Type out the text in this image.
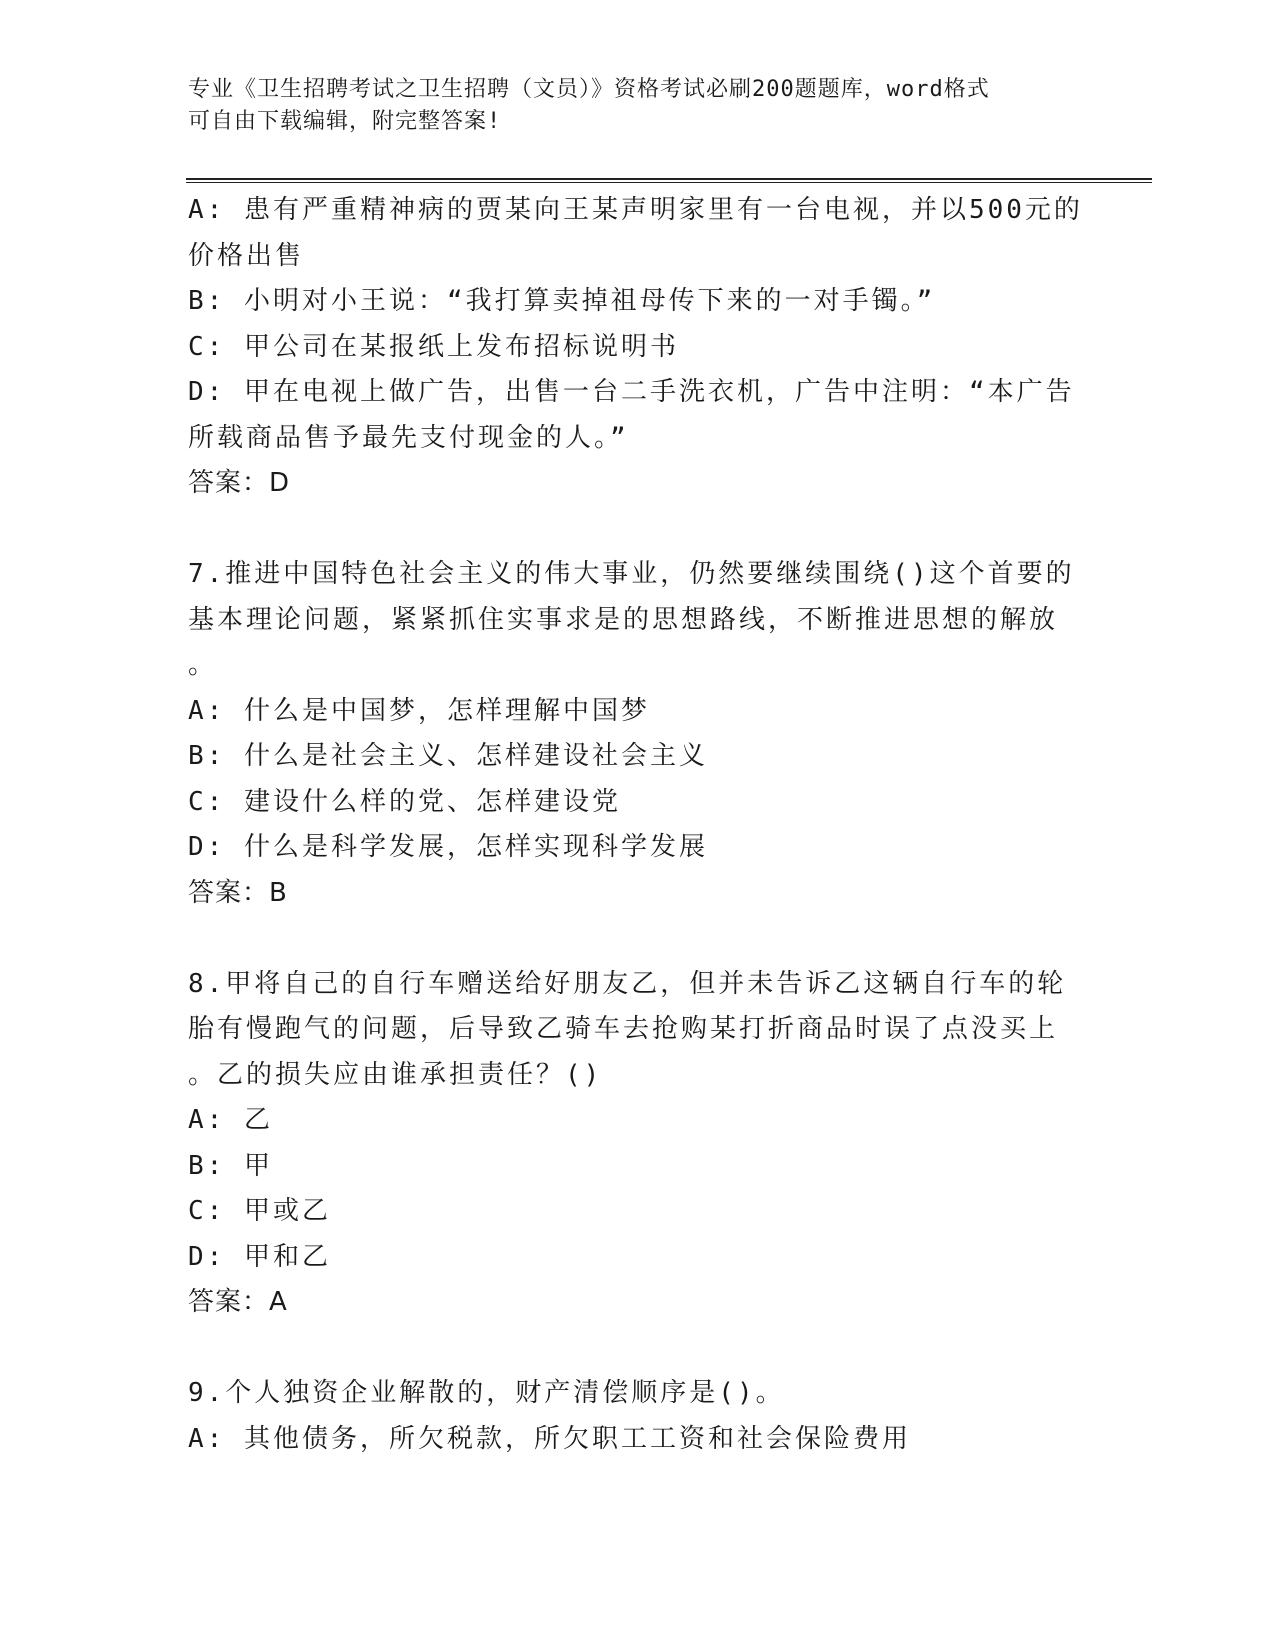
专业《卫生招聘考试之卫生招聘（文员）》资格考试必刷200题题库，word格式
可自由下载编辑，附完整答案!

A: 患有严重精神病的贾某向王某声明家里有一台电视，并以500元的

价格出售

B: 小明对小王说：“我打算卖掉祖母传下来的一对手镯。”

C: 甲公司在某报纸上发布招标说明书

D: 甲在电视上做广告，出售一台二手洗衣机，广告中注明：“本广告

所载商品售予最先支付现金的人。”

答案：D

7.推进中国特色社会主义的伟大事业，仍然要继续围绕()这个首要的

基本理论问题，紧紧抓住实事求是的思想路线，不断推进思想的解放

。

A: 什么是中国梦，怎样理解中国梦

B: 什么是社会主义、怎样建设社会主义

C: 建设什么样的党、怎样建设党

D: 什么是科学发展，怎样实现科学发展

答案：B

8.甲将自己的自行车赠送给好朋友乙，但并未告诉乙这辆自行车的轮

胎有慢跑气的问题，后导致乙骑车去抢购某打折商品时误了点没买上

。乙的损失应由谁承担责任？()

A: 乙

B: 甲

C: 甲或乙

D: 甲和乙

答案：A

9.个人独资企业解散的，财产清偿顺序是()。

A: 其他债务，所欠税款，所欠职工工资和社会保险费用
